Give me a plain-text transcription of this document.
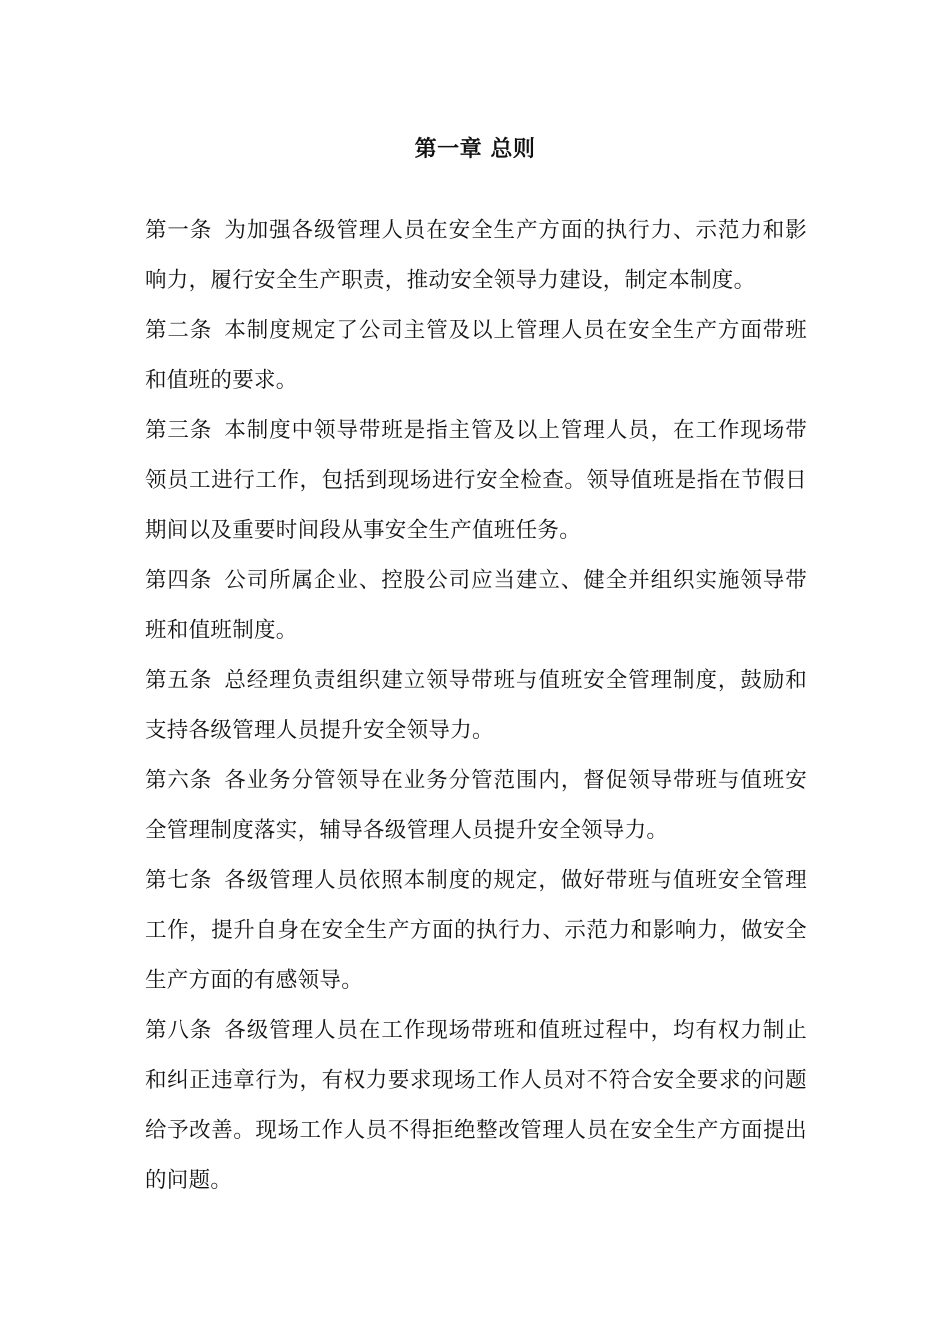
第一章 总则

第一条 为加强各级管理人员在安全生产方面的执行力、示范力和影响力，履行安全生产职责，推动安全领导力建设，制定本制度。

第二条 本制度规定了公司主管及以上管理人员在安全生产方面带班和值班的要求。

第三条 本制度中领导带班是指主管及以上管理人员，在工作现场带领员工进行工作，包括到现场进行安全检查。领导值班是指在节假日期间以及重要时间段从事安全生产值班任务。

第四条 公司所属企业、控股公司应当建立、健全并组织实施领导带班和值班制度。

第五条 总经理负责组织建立领导带班与值班安全管理制度，鼓励和支持各级管理人员提升安全领导力。

第六条 各业务分管领导在业务分管范围内，督促领导带班与值班安全管理制度落实，辅导各级管理人员提升安全领导力。

第七条 各级管理人员依照本制度的规定，做好带班与值班安全管理工作，提升自身在安全生产方面的执行力、示范力和影响力，做安全生产方面的有感领导。

第八条 各级管理人员在工作现场带班和值班过程中，均有权力制止和纠正违章行为，有权力要求现场工作人员对不符合安全要求的问题给予改善。现场工作人员不得拒绝整改管理人员在安全生产方面提出的问题。
